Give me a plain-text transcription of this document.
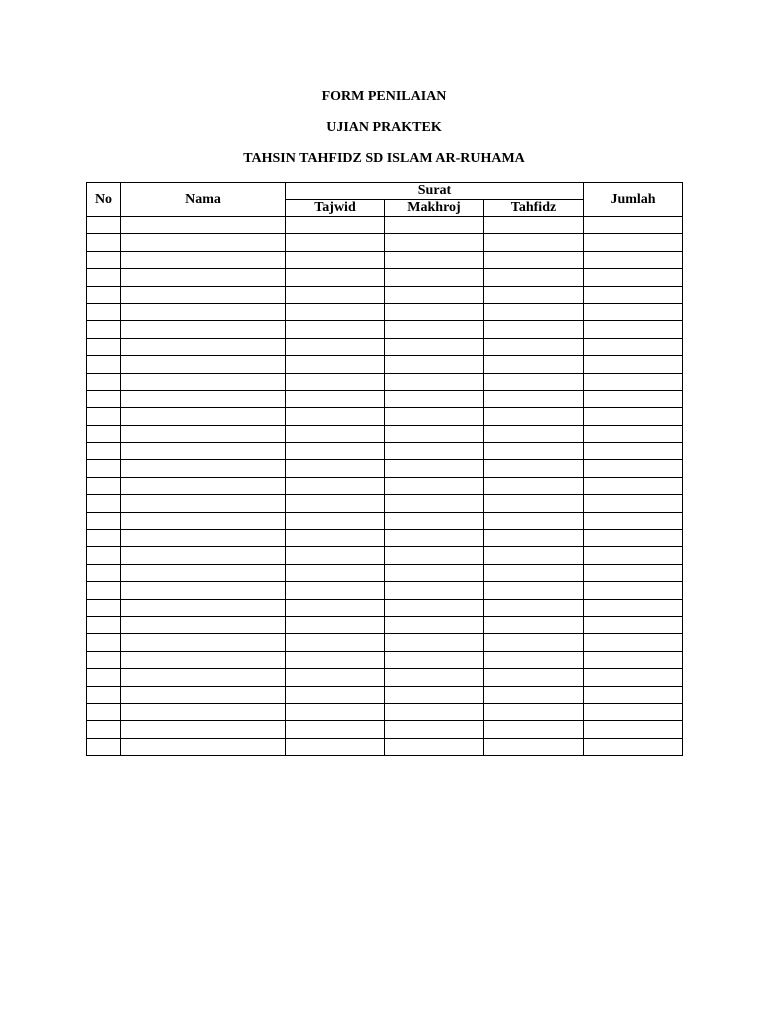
FORM PENILAIAN
UJIAN PRAKTEK
TAHSIN TAHFIDZ SD ISLAM AR-RUHAMA
No	Nama	Surat			Jumlah
		Tajwid	Makhroj	Tahfidz	
